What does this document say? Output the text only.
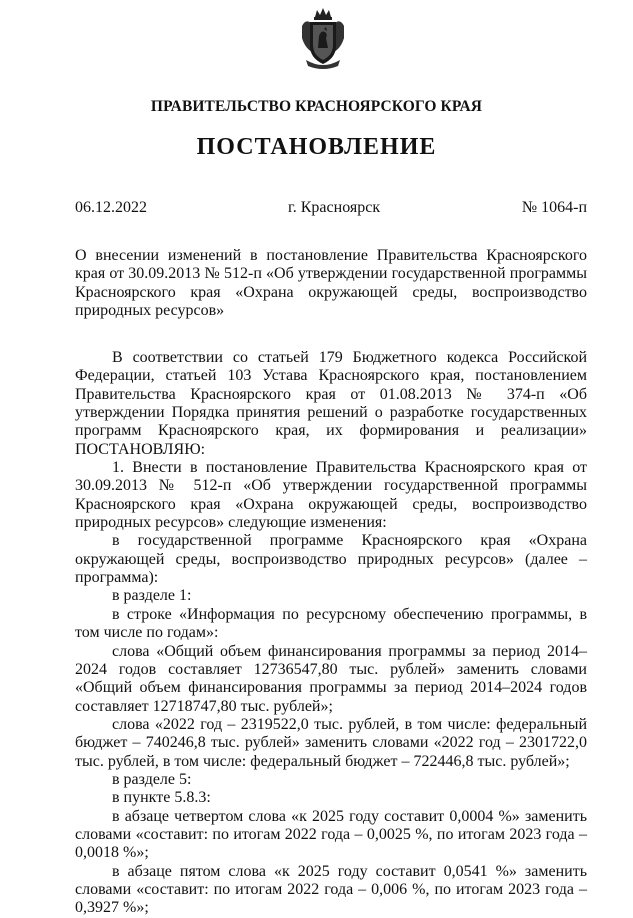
ПРАВИТЕЛЬСТВО КРАСНОЯРСКОГО КРАЯ
ПОСТАНОВЛЕНИЕ
06.12.2022	г. Красноярск	№ 1064-п
О внесении изменений в постановление Правительства Красноярского края от 30.09.2013 № 512-п «Об утверждении государственной программы Красноярского края «Охрана окружающей среды, воспроизводство природных ресурсов»

В соответствии со статьей 179 Бюджетного кодекса Российской Федерации, статьей 103 Устава Красноярского края, постановлением Правительства Красноярского края от 01.08.2013 № 374-п «Об утверждении Порядка принятия решений о разработке государственных программ Красноярского края, их формирования и реализации» ПОСТАНОВЛЯЮ:

1. Внести в постановление Правительства Красноярского края от 30.09.2013 № 512-п «Об утверждении государственной программы Красноярского края «Охрана окружающей среды, воспроизводство природных ресурсов» следующие изменения:

в государственной программе Красноярского края «Охрана окружающей среды, воспроизводство природных ресурсов» (далее – программа):

в разделе 1:

в строке «Информация по ресурсному обеспечению программы, в том числе по годам»:

слова «Общий объем финансирования программы за период 2014–2024 годов составляет 12736547,80 тыс. рублей» заменить словами «Общий объем финансирования программы за период 2014–2024 годов составляет 12718747,80 тыс. рублей»;

слова «2022 год – 2319522,0 тыс. рублей, в том числе: федеральный бюджет – 740246,8 тыс. рублей» заменить словами «2022 год – 2301722,0 тыс. рублей, в том числе: федеральный бюджет – 722446,8 тыс. рублей»;

в разделе 5:

в пункте 5.8.3:

в абзаце четвертом слова «к 2025 году составит 0,0004 %» заменить словами «составит: по итогам 2022 года – 0,0025 %, по итогам 2023 года – 0,0018 %»;

в абзаце пятом слова «к 2025 году составит 0,0541 %» заменить словами «составит: по итогам 2022 года – 0,006 %, по итогам 2023 года – 0,3927 %»;
